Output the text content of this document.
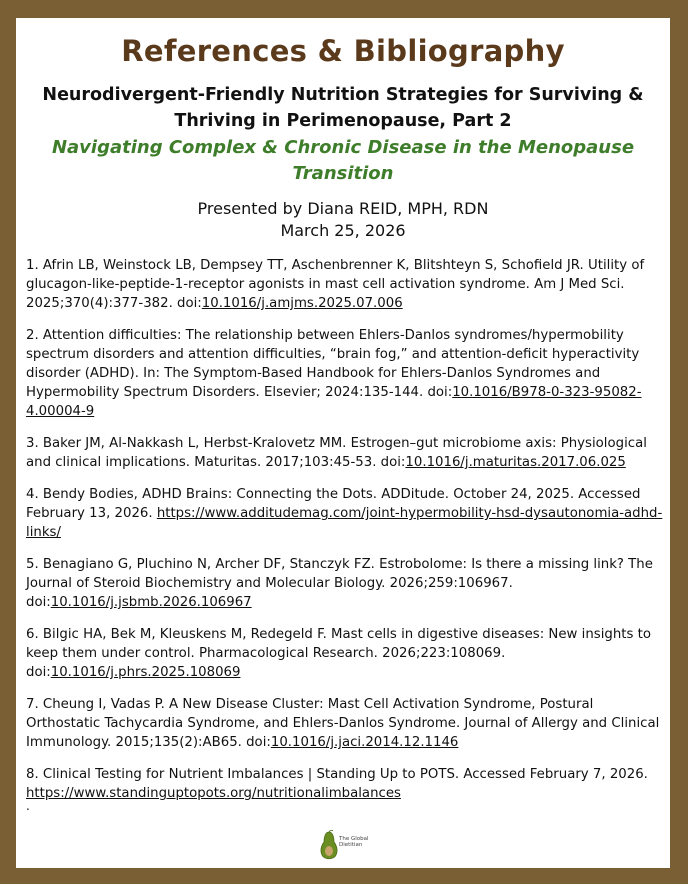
References & Bibliography
Neurodivergent-Friendly Nutrition Strategies for Surviving & Thriving in Perimenopause, Part 2
Navigating Complex & Chronic Disease in the Menopause Transition
Presented by Diana REID, MPH, RDN
March 25, 2026

1. Afrin LB, Weinstock LB, Dempsey TT, Aschenbrenner K, Blitshteyn S, Schofield JR. Utility of glucagon-like-peptide-1-receptor agonists in mast cell activation syndrome. Am J Med Sci. 2025;370(4):377-382. doi:10.1016/j.amjms.2025.07.006

2. Attention difficulties: The relationship between Ehlers-Danlos syndromes/hypermobility spectrum disorders and attention difficulties, “brain fog,” and attention-deficit hyperactivity disorder (ADHD). In: The Symptom-Based Handbook for Ehlers-Danlos Syndromes and Hypermobility Spectrum Disorders. Elsevier; 2024:135-144. doi:10.1016/B978-0-323-95082-4.00004-9

3. Baker JM, Al-Nakkash L, Herbst-Kralovetz MM. Estrogen–gut microbiome axis: Physiological and clinical implications. Maturitas. 2017;103:45-53. doi:10.1016/j.maturitas.2017.06.025

4. Bendy Bodies, ADHD Brains: Connecting the Dots. ADDitude. October 24, 2025. Accessed February 13, 2026. https://www.additudemag.com/joint-hypermobility-hsd-dysautonomia-adhd-links/

5. Benagiano G, Pluchino N, Archer DF, Stanczyk FZ. Estrobolome: Is there a missing link? The Journal of Steroid Biochemistry and Molecular Biology. 2026;259:106967. doi:10.1016/j.jsbmb.2026.106967

6. Bilgic HA, Bek M, Kleuskens M, Redegeld F. Mast cells in digestive diseases: New insights to keep them under control. Pharmacological Research. 2026;223:108069. doi:10.1016/j.phrs.2025.108069

7. Cheung I, Vadas P. A New Disease Cluster: Mast Cell Activation Syndrome, Postural Orthostatic Tachycardia Syndrome, and Ehlers-Danlos Syndrome. Journal of Allergy and Clinical Immunology. 2015;135(2):AB65. doi:10.1016/j.jaci.2014.12.1146

8. Clinical Testing for Nutrient Imbalances | Standing Up to POTS. Accessed February 7, 2026. https://www.standinguptopots.org/nutritionalimbalances

.
The Global Dietitian
